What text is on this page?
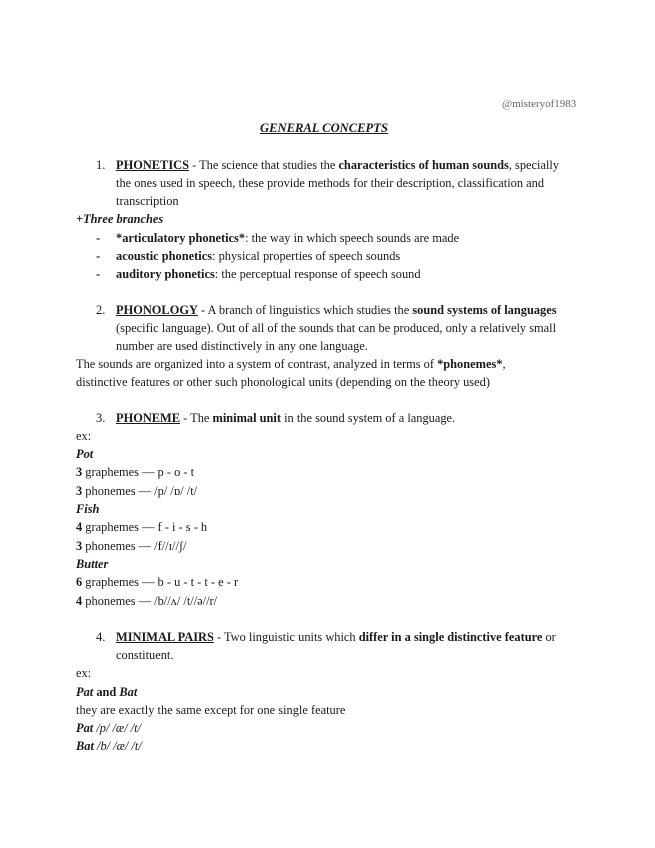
@misteryof1983
GENERAL CONCEPTS
1. PHONETICS - The science that studies the characteristics of human sounds, specially
the ones used in speech, these provide methods for their description, classification and
transcription
+Three branches
- *articulatory phonetics*: the way in which speech sounds are made
- acoustic phonetics: physical properties of speech sounds
- auditory phonetics: the perceptual response of speech sound
2. PHONOLOGY - A branch of linguistics which studies the sound systems of languages
(specific language). Out of all of the sounds that can be produced, only a relatively small
number are used distinctively in any one language.
The sounds are organized into a system of contrast, analyzed in terms of *phonemes*,
distinctive features or other such phonological units (depending on the theory used)
3. PHONEME - The minimal unit in the sound system of a language.
ex:
Pot
3 graphemes — p - o - t
3 phonemes — /p/ /ɒ/ /t/
Fish
4 graphemes — f - i - s - h
3 phonemes — /f//ɪ//ʃ/
Butter
6 graphemes — b - u - t - t - e - r
4 phonemes — /b//ʌ/ /t//ə//r/
4. MINIMAL PAIRS - Two linguistic units which differ in a single distinctive feature or
constituent.
ex:
Pat and Bat
they are exactly the same except for one single feature
Pat /p/ /æ/ /t/
Bat /b/ /æ/ /t/
